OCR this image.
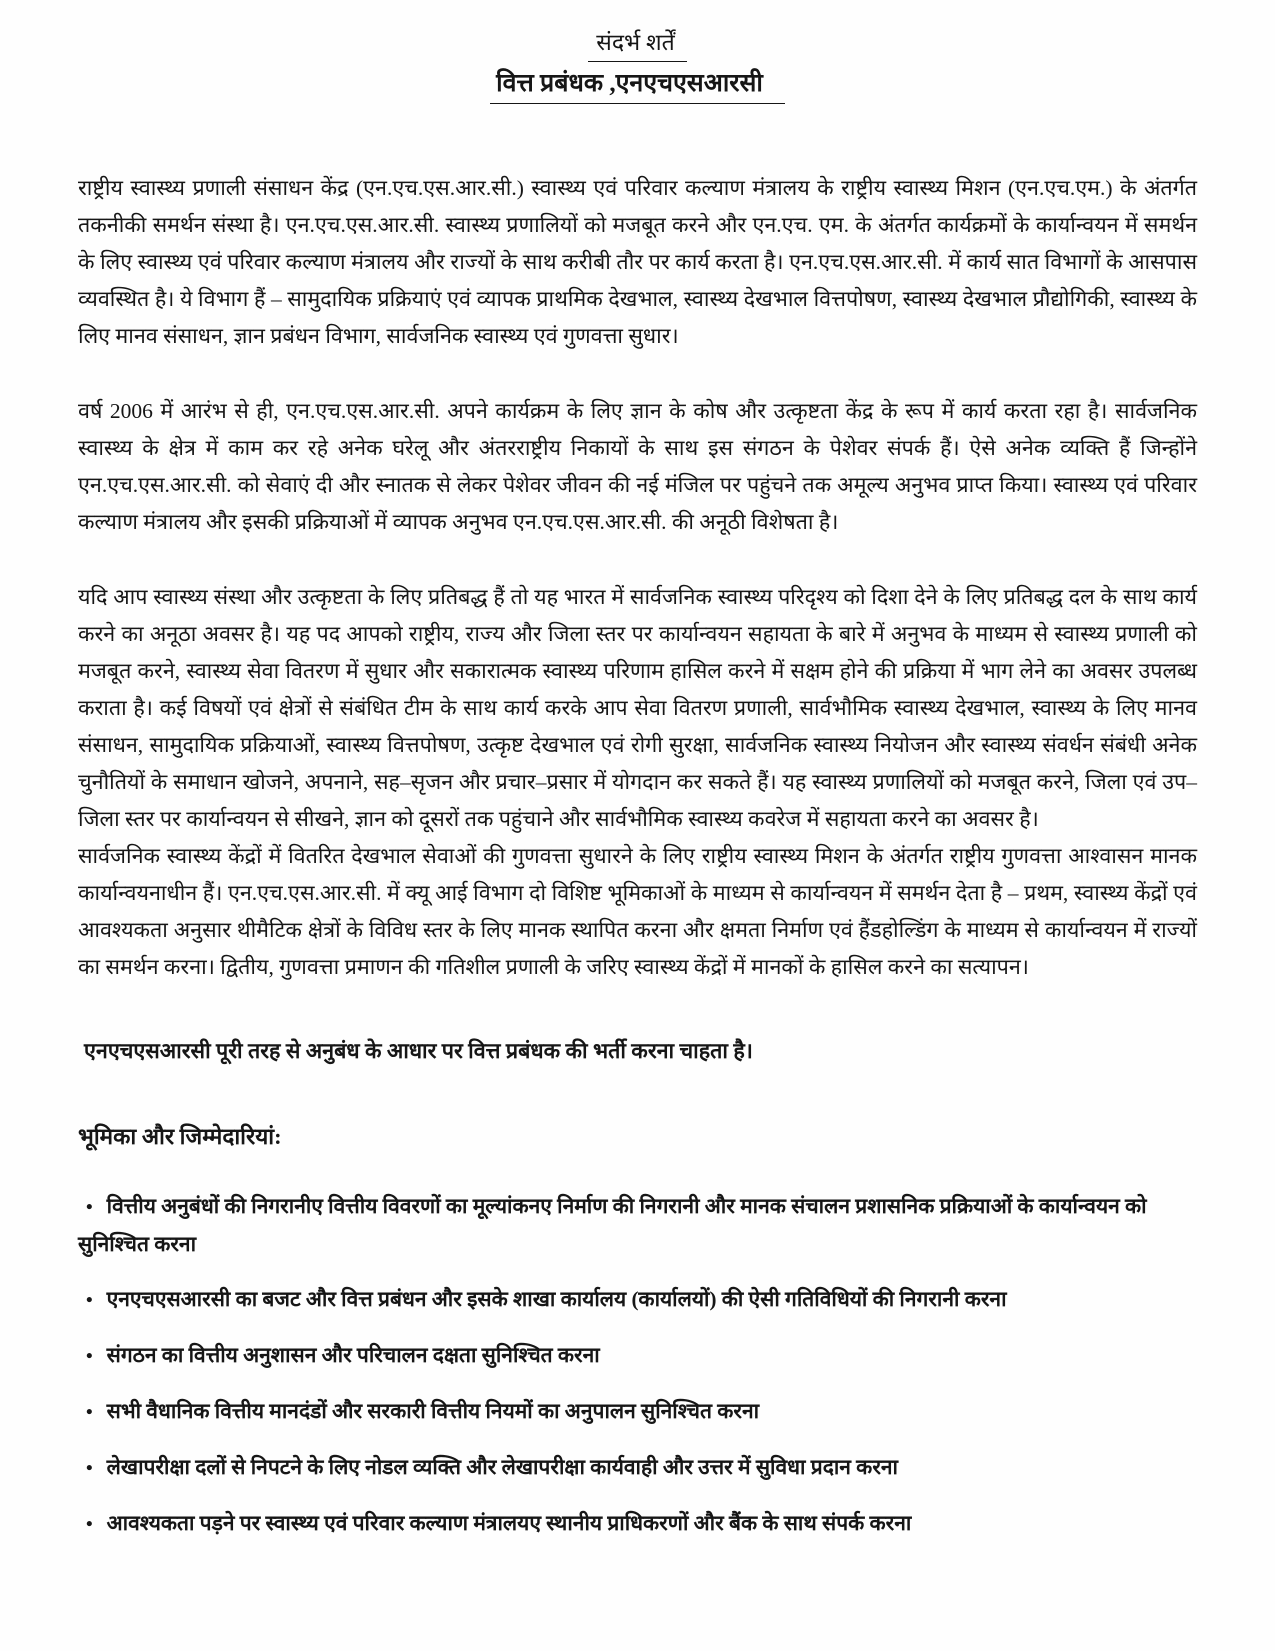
संदर्भ शर्तें
वित्त प्रबंधक ,एनएचएसआरसी

राष्ट्रीय स्वास्थ्य प्रणाली संसाधन केंद्र (एन.एच.एस.आर.सी.) स्वास्थ्य एवं परिवार कल्याण मंत्रालय के राष्ट्रीय स्वास्थ्य मिशन (एन.एच.एम.) के अंतर्गत तकनीकी समर्थन संस्था है। एन.एच.एस.आर.सी. स्वास्थ्य प्रणालियों को मजबूत करने और एन.एच. एम. के अंतर्गत कार्यक्रमों के कार्यान्वयन में समर्थन के लिए स्वास्थ्य एवं परिवार कल्याण मंत्रालय और राज्यों के साथ करीबी तौर पर कार्य करता है। एन.एच.एस.आर.सी. में कार्य सात विभागों के आसपास व्यवस्थित है। ये विभाग हैं – सामुदायिक प्रक्रियाएं एवं व्यापक प्राथमिक देखभाल, स्वास्थ्य देखभाल वित्तपोषण, स्वास्थ्य देखभाल प्रौद्योगिकी, स्वास्थ्य के लिए मानव संसाधन, ज्ञान प्रबंधन विभाग, सार्वजनिक स्वास्थ्य एवं गुणवत्ता सुधार।

वर्ष 2006 में आरंभ से ही, एन.एच.एस.आर.सी. अपने कार्यक्रम के लिए ज्ञान के कोष और उत्कृष्टता केंद्र के रूप में कार्य करता रहा है। सार्वजनिक स्वास्थ्य के क्षेत्र में काम कर रहे अनेक घरेलू और अंतरराष्ट्रीय निकायों के साथ इस संगठन के पेशेवर संपर्क हैं। ऐसे अनेक व्यक्ति हैं जिन्होंने एन.एच.एस.आर.सी. को सेवाएं दी और स्नातक से लेकर पेशेवर जीवन की नई मंजिल पर पहुंचने तक अमूल्य अनुभव प्राप्त किया। स्वास्थ्य एवं परिवार कल्याण मंत्रालय और इसकी प्रक्रियाओं में व्यापक अनुभव एन.एच.एस.आर.सी. की अनूठी विशेषता है।

यदि आप स्वास्थ्य संस्था और उत्कृष्टता के लिए प्रतिबद्ध हैं तो यह भारत में सार्वजनिक स्वास्थ्य परिदृश्य को दिशा देने के लिए प्रतिबद्ध दल के साथ कार्य करने का अनूठा अवसर है। यह पद आपको राष्ट्रीय, राज्य और जिला स्तर पर कार्यान्वयन सहायता के बारे में अनुभव के माध्यम से स्वास्थ्य प्रणाली को मजबूत करने, स्वास्थ्य सेवा वितरण में सुधार और सकारात्मक स्वास्थ्य परिणाम हासिल करने में सक्षम होने की प्रक्रिया में भाग लेने का अवसर उपलब्ध कराता है। कई विषयों एवं क्षेत्रों से संबंधित टीम के साथ कार्य करके आप सेवा वितरण प्रणाली, सार्वभौमिक स्वास्थ्य देखभाल, स्वास्थ्य के लिए मानव संसाधन, सामुदायिक प्रक्रियाओं, स्वास्थ्य वित्तपोषण, उत्कृष्ट देखभाल एवं रोगी सुरक्षा, सार्वजनिक स्वास्थ्य नियोजन और स्वास्थ्य संवर्धन संबंधी अनेक चुनौतियों के समाधान खोजने, अपनाने, सह–सृजन और प्रचार–प्रसार में योगदान कर सकते हैं। यह स्वास्थ्य प्रणालियों को मजबूत करने, जिला एवं उप–जिला स्तर पर कार्यान्वयन से सीखने, ज्ञान को दूसरों तक पहुंचाने और सार्वभौमिक स्वास्थ्य कवरेज में सहायता करने का अवसर है।

सार्वजनिक स्वास्थ्य केंद्रों में वितरित देखभाल सेवाओं की गुणवत्ता सुधारने के लिए राष्ट्रीय स्वास्थ्य मिशन के अंतर्गत राष्ट्रीय गुणवत्ता आश्वासन मानक कार्यान्वयनाधीन हैं। एन.एच.एस.आर.सी. में क्यू आई विभाग दो विशिष्ट भूमिकाओं के माध्यम से कार्यान्वयन में समर्थन देता है – प्रथम, स्वास्थ्य केंद्रों एवं आवश्यकता अनुसार थीमैटिक क्षेत्रों के विविध स्तर के लिए मानक स्थापित करना और क्षमता निर्माण एवं हैंडहोल्डिंग के माध्यम से कार्यान्वयन में राज्यों का समर्थन करना। द्वितीय, गुणवत्ता प्रमाणन की गतिशील प्रणाली के जरिए स्वास्थ्य केंद्रों में मानकों के हासिल करने का सत्यापन।

एनएचएसआरसी पूरी तरह से अनुबंध के आधार पर वित्त प्रबंधक की भर्ती करना चाहता है।

भूमिका और जिम्मेदारियां:
• वित्तीय अनुबंधों की निगरानीए वित्तीय विवरणों का मूल्यांकनए निर्माण की निगरानी और मानक संचालन प्रशासनिक प्रक्रियाओं के कार्यान्वयन को सुनिश्चित करना
• एनएचएसआरसी का बजट और वित्त प्रबंधन और इसके शाखा कार्यालय (कार्यालयों) की ऐसी गतिविधियों की निगरानी करना
• संगठन का वित्तीय अनुशासन और परिचालन दक्षता सुनिश्चित करना
• सभी वैधानिक वित्तीय मानदंडों और सरकारी वित्तीय नियमों का अनुपालन सुनिश्चित करना
• लेखापरीक्षा दलों से निपटने के लिए नोडल व्यक्ति और लेखापरीक्षा कार्यवाही और उत्तर में सुविधा प्रदान करना
• आवश्यकता पड़ने पर स्वास्थ्य एवं परिवार कल्याण मंत्रालयए स्थानीय प्राधिकरणों और बैंक के साथ संपर्क करना
